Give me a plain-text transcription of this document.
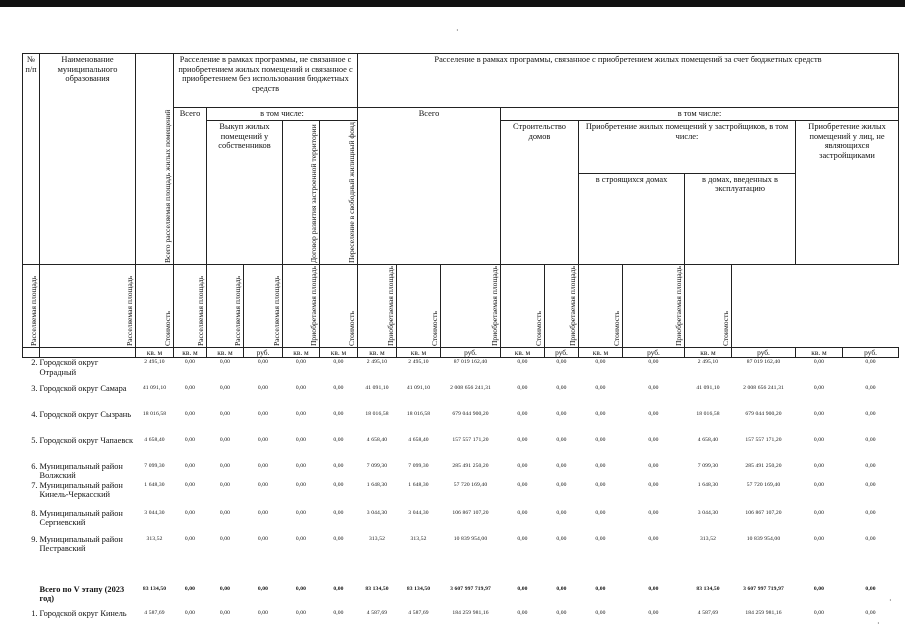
·
·
·
№ п/п	Наименование муниципального образования	Всего расселяемая площадь жилых помещений	Расселение в рамках программы, не связанное с приобретением жилых помещений и связанное с приобретением без использования бюджетных средств					Расселение в рамках программы, связанное с приобретением жилых помещений за счет бюджетных средств										
			Всего	в том числе:				Всего			в том числе:							
				Выкуп жилых помещений у собственников		Договор развития застроенной территории	Переселение в свободный жилищный фонд				Строительство домов		Приобретение жилых помещений у застройщиков, в том числе:				Приобретение жилых помещений у лиц, не являющихся застройщиками	
													в строящихся домах		в домах, введенных в эксплуатацию			
Расселяемая площадь	Расселяемая площадь	Стоимость	Расселяемая площадь	Расселяемая площадь	Расселяемая площадь	Приобретаемая площадь	Стоимость	Приобретаемая площадь	Стоимость	Приобретаемая площадь	Стоимость	Приобретаемая площадь	Стоимость	Приобретаемая площадь	Стоимость			
		кв. м	кв. м	кв. м	руб.	кв. м	кв. м	кв. м	кв. м	руб.	кв. м	руб.	кв. м	руб.	кв. м	руб.	кв. м	руб.
2. Городской округ Отрадный		2 495,10	0,00	0,00	0,00	0,00	0,00	2 495,10	2 495,10	87 019 162,40	0,00	0,00	0,00	0,00	2 495,10	87 019 162,40	0,00	0,00
3. Городской округ Самара		41 091,10	0,00	0,00	0,00	0,00	0,00	41 091,10	41 091,10	2 008 656 241,31	0,00	0,00	0,00	0,00	41 091,10	2 008 656 241,31	0,00	0,00
4. Городской округ Сызрань		18 016,58	0,00	0,00	0,00	0,00	0,00	18 016,58	18 016,58	679 044 900,20	0,00	0,00	0,00	0,00	18 016,58	679 044 900,20	0,00	0,00
5. Городской округ Чапаевск		4 658,40	0,00	0,00	0,00	0,00	0,00	4 658,40	4 658,40	157 557 171,20	0,00	0,00	0,00	0,00	4 658,40	157 557 171,20	0,00	0,00
6. Муниципальный район Волжский		7 099,30	0,00	0,00	0,00	0,00	0,00	7 099,30	7 099,30	285 491 250,20	0,00	0,00	0,00	0,00	7 099,30	285 491 250,20	0,00	0,00
7. Муниципальный район Кинель-Черкасский		1 648,30	0,00	0,00	0,00	0,00	0,00	1 648,30	1 648,30	57 720 169,40	0,00	0,00	0,00	0,00	1 648,30	57 720 169,40	0,00	0,00
8. Муниципальный район Сергиевский		3 044,30	0,00	0,00	0,00	0,00	0,00	3 044,30	3 044,30	106 867 107,20	0,00	0,00	0,00	0,00	3 044,30	106 867 107,20	0,00	0,00
9. Муниципальный район Пестравский		313,52	0,00	0,00	0,00	0,00	0,00	313,52	313,52	10 839 954,00	0,00	0,00	0,00	0,00	313,52	10 839 954,00	0,00	0,00
Всего по V этапу (2023 год)		83 134,50	0,00	0,00	0,00	0,00	0,00	83 134,50	83 134,50	3 607 997 719,97	0,00	0,00	0,00	0,00	83 134,50	3 607 997 719,97	0,00	0,00
1. Городской округ Кинель		4 587,69	0,00	0,00	0,00	0,00	0,00	4 587,69	4 587,69	184 259 981,16	0,00	0,00	0,00	0,00	4 587,69	184 259 981,16	0,00	0,00
